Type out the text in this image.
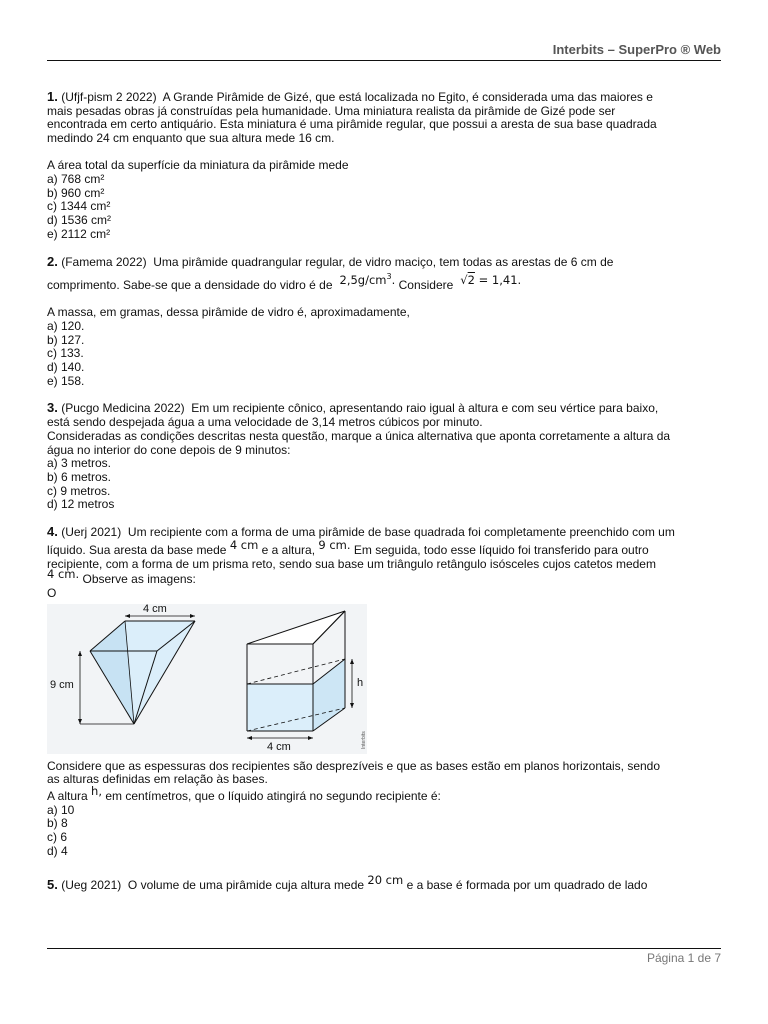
Interbits – SuperPro ® Web

1. (Ufjf-pism 2 2022) A Grande Pirâmide de Gizé, que está localizada no Egito, é considerada uma das maiores e

mais pesadas obras já construídas pela humanidade. Uma miniatura realista da pirâmide de Gizé pode ser

encontrada em certo antiquário. Esta miniatura é uma pirâmide regular, que possui a aresta de sua base quadrada

medindo 24 cm enquanto que sua altura mede 16 cm.

A área total da superfície da miniatura da pirâmide mede

a) 768 cm²

b) 960 cm²

c) 1344 cm²

d) 1536 cm²

e) 2112 cm²

2. (Famema 2022) Uma pirâmide quadrangular regular, de vidro maciço, tem todas as arestas de 6 cm de

comprimento. Sabe-se que a densidade do vidro é de $2,5g/cm^3$. Considere  √2 = 1,41.

A massa, em gramas, dessa pirâmide de vidro é, aproximadamente,

a) 120.

b) 127.

c) 133.

d) 140.

e) 158.

3. (Pucgo Medicina 2022) Em um recipiente cônico, apresentando raio igual à altura e com seu vértice para baixo,

está sendo despejada água a uma velocidade de 3,14 metros cúbicos por minuto.

Consideradas as condições descritas nesta questão, marque a única alternativa que aponta corretamente a altura da

água no interior do cone depois de 9 minutos:

a) 3 metros.

b) 6 metros.

c) 9 metros.

d) 12 metros

4. (Uerj 2021) Um recipiente com a forma de uma pirâmide de base quadrada foi completamente preenchido com um

líquido. Sua aresta da base mede 4 cm e a altura, 9 cm. Em seguida, todo esse líquido foi transferido para outro

recipiente, com a forma de um prisma reto, sendo sua base um triângulo retângulo isósceles cujos catetos medem

4 cm. Observe as imagens:

O

4 cm
9 cm	h
4 cm	Interbits

Considere que as espessuras dos recipientes são desprezíveis e que as bases estão em planos horizontais, sendo

as alturas definidas em relação às bases.

A altura h, em centímetros, que o líquido atingirá no segundo recipiente é:

a) 10

b) 8

c) 6

d) 4

5. (Ueg 2021) O volume de uma pirâmide cuja altura mede 20 cm e a base é formada por um quadrado de lado

Página 1 de 7
